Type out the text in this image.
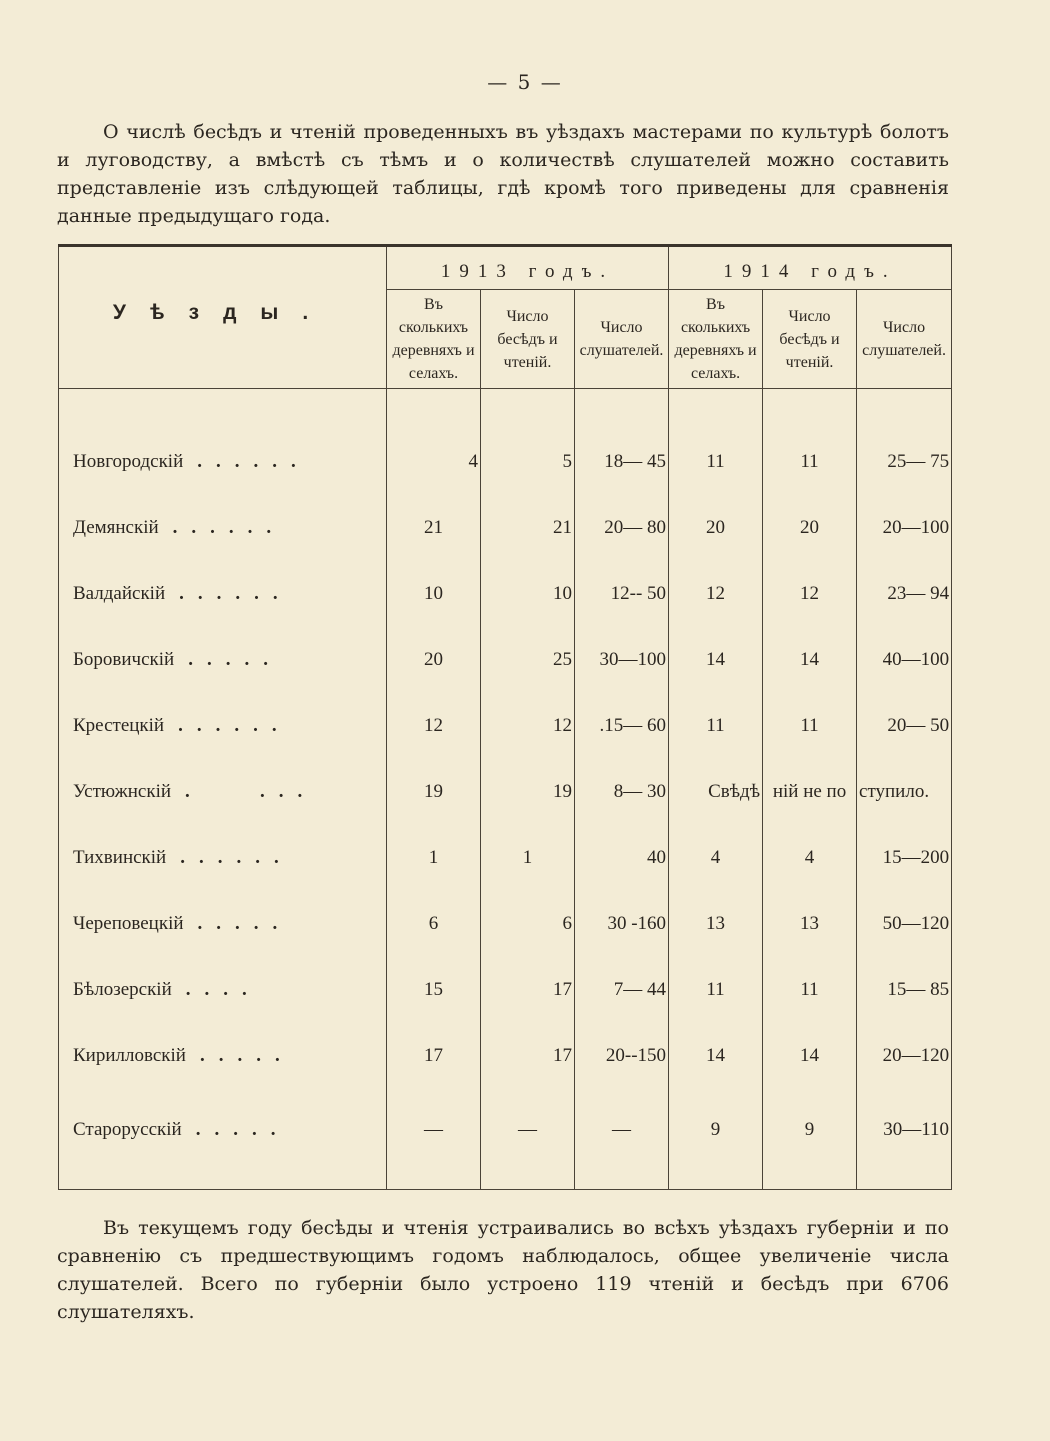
— 5 —

О числѣ бесѣдъ и чтеній проведенныхъ въ уѣздахъ мастерами по культурѣ болотъ и луговодству, а вмѣстѣ съ тѣмъ и о количествѣ слушателей можно составить представленіе изъ слѣдующей таблицы, гдѣ кромѣ того приведены для сравненія данные предыдущаго года.

Уѣзды.	1913 годъ.			1914 годъ.		
	Въ сколькихъ деревняхъ и селахъ.	Число бесѣдъ и чтеній.	Число слушателей.	Въ сколькихъ деревняхъ и селахъ.	Число бесѣдъ и чтеній.	Число слушателей.
Новгородскій ......	4	5	18— 45	11	11	25— 75
Демянскій ......	21	21	20— 80	20	20	20—100
Валдайскій ......	10	10	12-- 50	12	12	23— 94
Боровичскій .....	20	25	30—100	14	14	40—100
Крестецкій ......	12	12	.15— 60	11	11	20— 50
Устюжнскій .   ...	19	19	8— 30	Свѣдѣ	ній не по	ступило.
Тихвинскій ......	1	1	40	4	4	15—200
Череповецкій .....	6	6	30 -160	13	13	50—120
Бѣлозерскій ....	15	17	7— 44	11	11	15— 85
Кирилловскій .....	17	17	20--150	14	14	20—120
Старорусскій .....	—	—	—	9	9	30—110

Въ текущемъ году бесѣды и чтенія устраивались во всѣхъ уѣздахъ губерніи и по сравненію съ предшествующимъ годомъ наблюдалось, общее увеличеніе числа слушателей. Всего по губерніи было устроено 119 чтеній и бесѣдъ при 6706 слушателяхъ.
